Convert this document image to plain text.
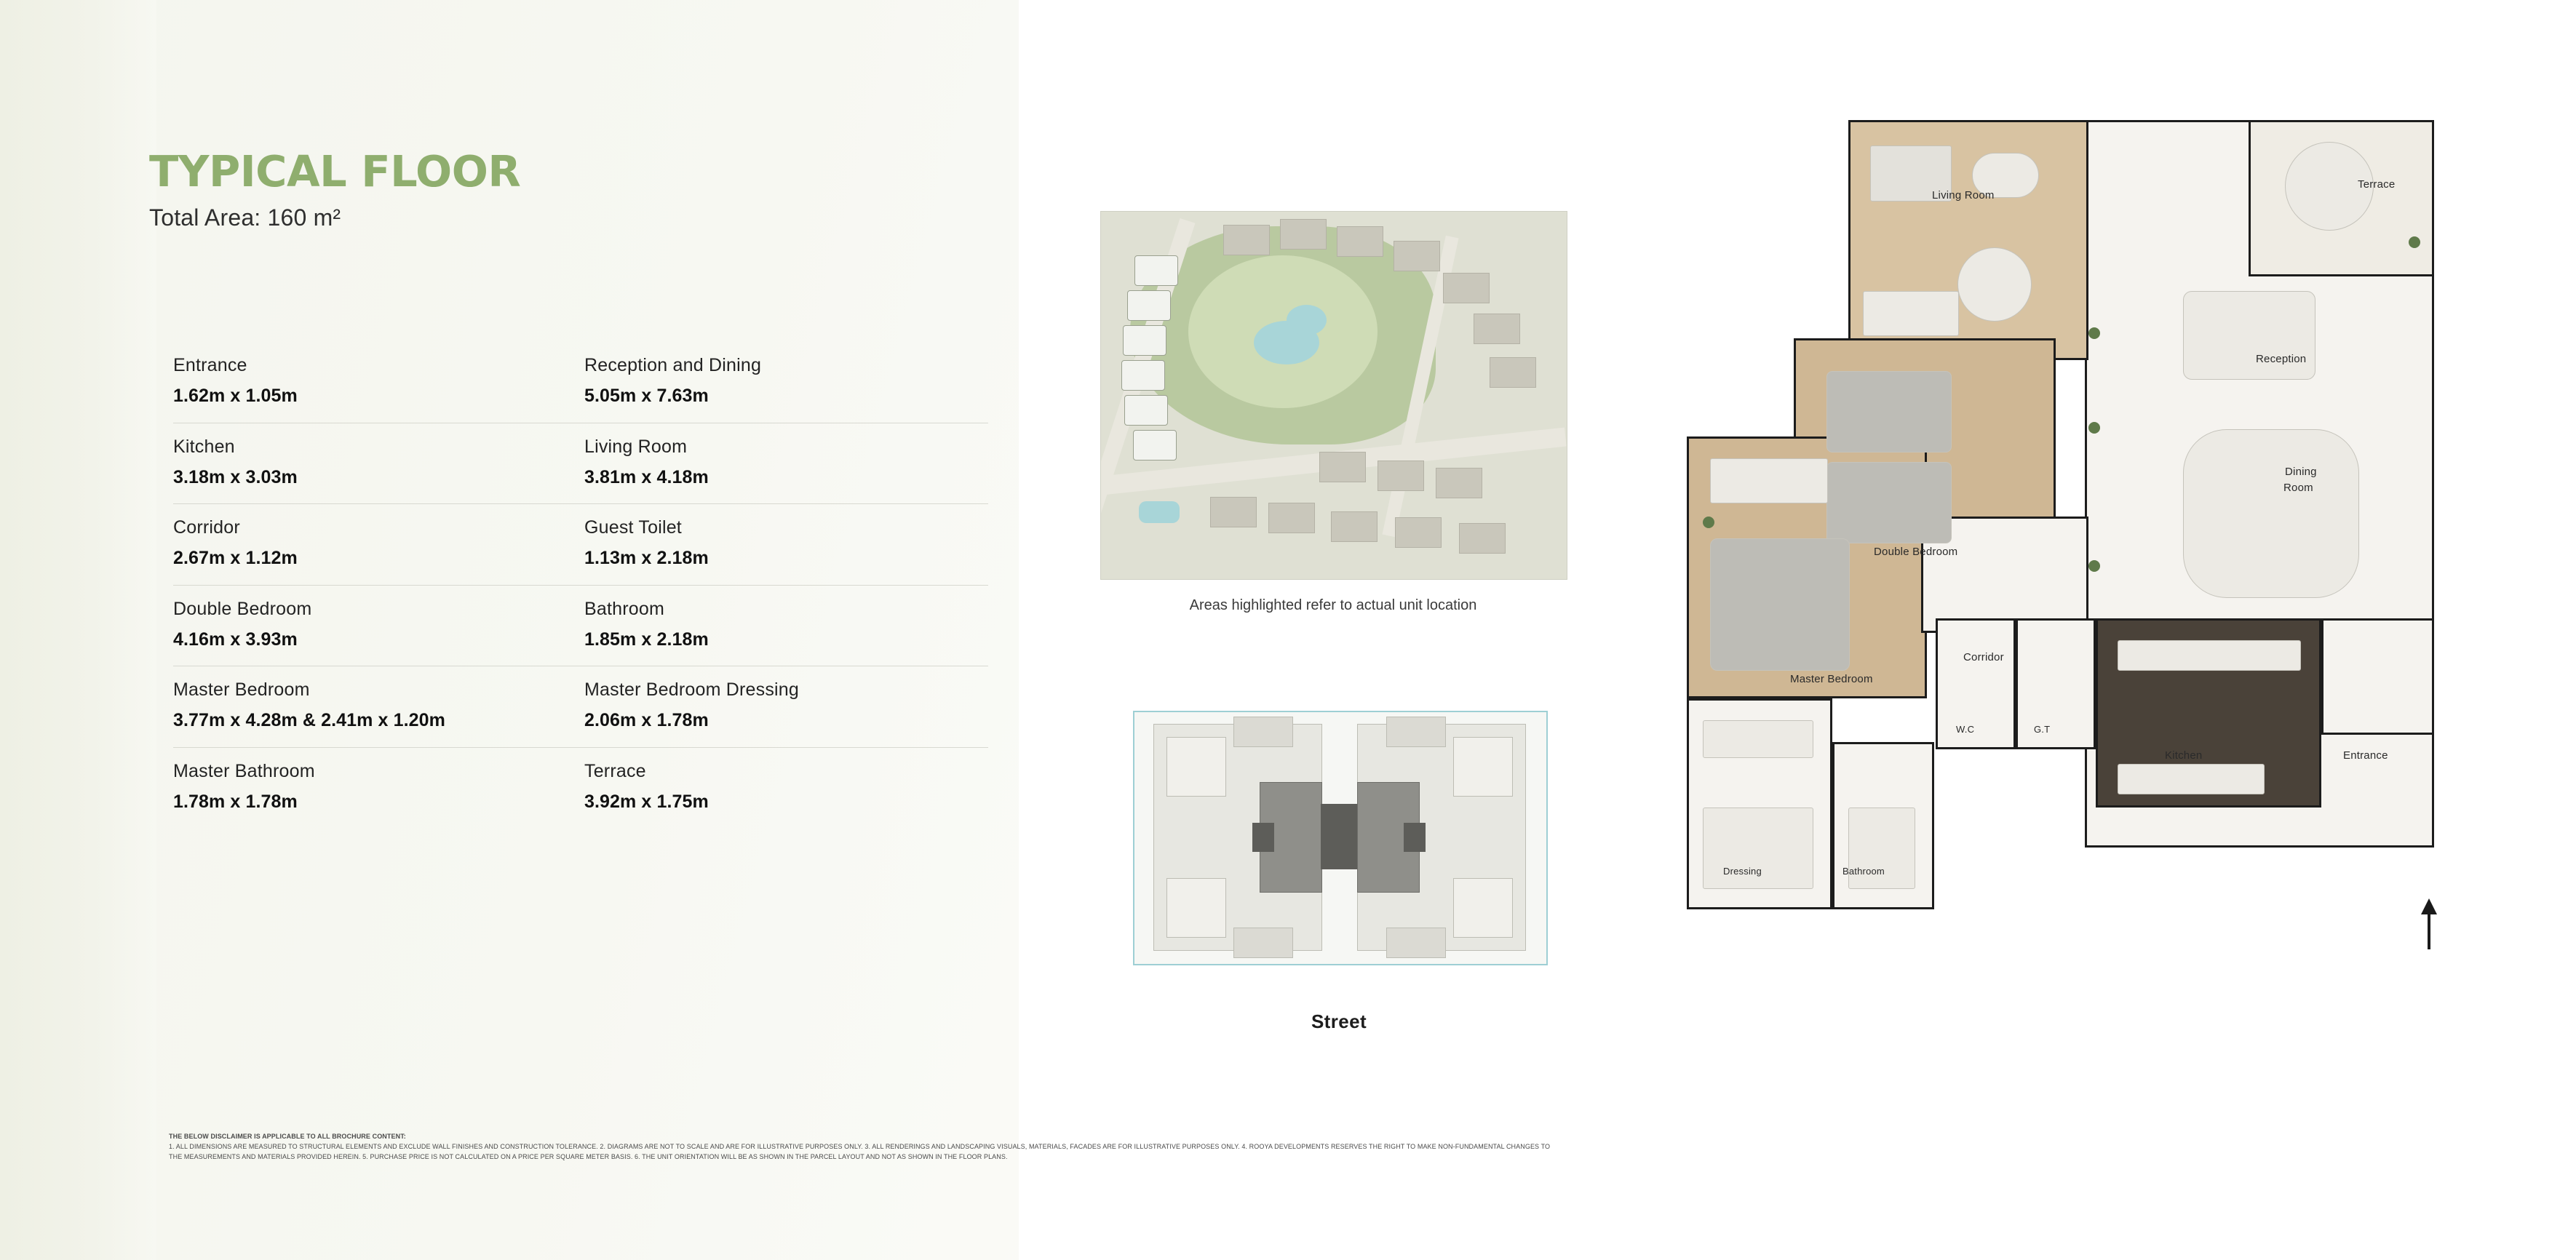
TYPICAL FLOOR
Total Area: 160 m²
Entrance
1.62m x 1.05m
Reception and Dining
5.05m x 7.63m
Kitchen
3.18m x 3.03m
Living Room
3.81m x 4.18m
Corridor
2.67m x 1.12m
Guest Toilet
1.13m x 2.18m
Double Bedroom
4.16m x 3.93m
Bathroom
1.85m x 2.18m
Master Bedroom
3.77m x 4.28m & 2.41m x 1.20m
Master Bedroom Dressing
2.06m x 1.78m
Master Bathroom
1.78m x 1.78m
Terrace
3.92m x 1.75m
Areas highlighted refer to actual unit location
Street
Living Room
Terrace
Reception
Double Bedroom
Dining
Room
Corridor
Master Bedroom
W.C	G.T
Kitchen	Entrance
Dressing	Bathroom
THE BELOW DISCLAIMER IS APPLICABLE TO ALL BROCHURE CONTENT:
1. ALL DIMENSIONS ARE MEASURED TO STRUCTURAL ELEMENTS AND EXCLUDE WALL FINISHES AND CONSTRUCTION TOLERANCE. 2. DIAGRAMS ARE NOT TO SCALE AND ARE FOR ILLUSTRATIVE PURPOSES ONLY. 3. ALL RENDERINGS AND LANDSCAPING VISUALS, MATERIALS, FACADES ARE FOR ILLUSTRATIVE PURPOSES ONLY. 4. ROOYA DEVELOPMENTS RESERVES THE RIGHT TO MAKE NON-FUNDAMENTAL CHANGES TO
THE MEASUREMENTS AND MATERIALS PROVIDED HEREIN. 5. PURCHASE PRICE IS NOT CALCULATED ON A PRICE PER SQUARE METER BASIS. 6. THE UNIT ORIENTATION WILL BE AS SHOWN IN THE PARCEL LAYOUT AND NOT AS SHOWN IN THE FLOOR PLANS.
